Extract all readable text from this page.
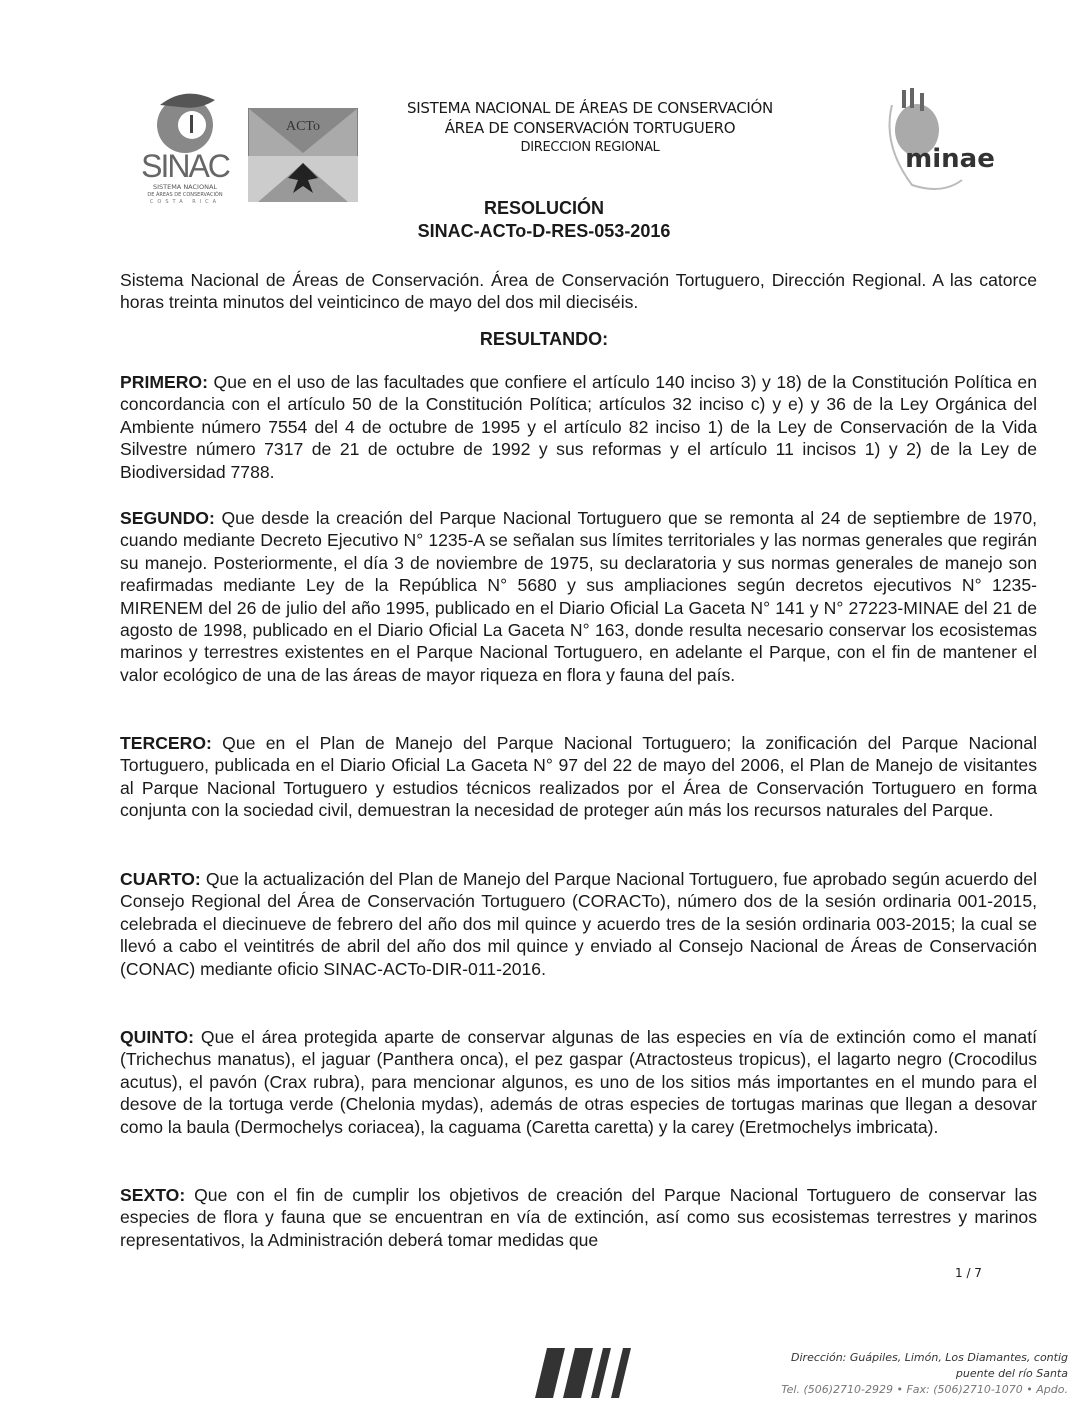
SINAC
SISTEMA NACIONAL
DE ÁREAS DE CONSERVACIÓN
COSTA RICA
ACTo
minae
SISTEMA NACIONAL DE ÁREAS DE CONSERVACIÓN
ÁREA DE CONSERVACIÓN TORTUGUERO
DIRECCION REGIONAL
RESOLUCIÓN
SINAC-ACTo-D-RES-053-2016
Sistema Nacional de Áreas de Conservación. Área de Conservación Tortuguero, Dirección Regional. A las catorce horas treinta minutos del veinticinco de mayo del dos mil dieciséis.
RESULTANDO:
PRIMERO: Que en el uso de las facultades que confiere el artículo 140 inciso 3) y 18) de la Constitución Política en concordancia con el artículo 50 de la Constitución Política; artículos 32 inciso c) y e) y 36 de la Ley Orgánica del Ambiente número 7554 del 4 de octubre de 1995 y el artículo 82 inciso 1) de la Ley de Conservación de la Vida Silvestre número 7317 de 21 de octubre de 1992 y sus reformas y el artículo 11 incisos 1) y 2) de la Ley de Biodiversidad 7788.
SEGUNDO: Que desde la creación del Parque Nacional Tortuguero que se remonta al 24 de septiembre de 1970, cuando mediante Decreto Ejecutivo N° 1235-A se señalan sus límites territoriales y las normas generales que regirán su manejo. Posteriormente, el día 3 de noviembre de 1975, su declaratoria y sus normas generales de manejo son reafirmadas mediante Ley de la República N° 5680 y sus ampliaciones según decretos ejecutivos N° 1235-MIRENEM del 26 de julio del año 1995, publicado en el Diario Oficial La Gaceta N° 141 y N° 27223-MINAE del 21 de agosto de 1998, publicado en el Diario Oficial La Gaceta N° 163, donde resulta necesario conservar los ecosistemas marinos y terrestres existentes en el Parque Nacional Tortuguero, en adelante el Parque, con el fin de mantener el valor ecológico de una de las áreas de mayor riqueza en flora y fauna del país.
TERCERO: Que en el Plan de Manejo del Parque Nacional Tortuguero; la zonificación del Parque Nacional Tortuguero, publicada en el Diario Oficial La Gaceta N° 97 del 22 de mayo del 2006, el Plan de Manejo de visitantes al Parque Nacional Tortuguero y estudios técnicos realizados por el Área de Conservación Tortuguero en forma conjunta con la sociedad civil, demuestran la necesidad de proteger aún más los recursos naturales del Parque.
CUARTO: Que la actualización del Plan de Manejo del Parque Nacional Tortuguero, fue aprobado según acuerdo del Consejo Regional del Área de Conservación Tortuguero (CORACTo), número dos de la sesión ordinaria 001-2015, celebrada el diecinueve de febrero del año dos mil quince y acuerdo tres de la sesión ordinaria 003-2015; la cual se llevó a cabo el veintitrés de abril del año dos mil quince y enviado al Consejo Nacional de Áreas de Conservación (CONAC) mediante oficio SINAC-ACTo-DIR-011-2016.
QUINTO: Que el área protegida aparte de conservar algunas de las especies en vía de extinción como el manatí (Trichechus manatus), el jaguar (Panthera onca), el pez gaspar (Atractosteus tropicus), el lagarto negro (Crocodilus acutus), el pavón (Crax rubra), para mencionar algunos, es uno de los sitios más importantes en el mundo para el desove de la tortuga verde (Chelonia mydas), además de otras especies de tortugas marinas que llegan a desovar como la baula (Dermochelys coriacea), la caguama (Caretta caretta) y la carey (Eretmochelys imbricata).
SEXTO: Que con el fin de cumplir los objetivos de creación del Parque Nacional Tortuguero de conservar las especies de flora y fauna que se encuentran en vía de extinción, así como sus ecosistemas terrestres y marinos representativos, la Administración deberá tomar medidas que
1 / 7
Dirección: Guápiles, Limón, Los Diamantes, contig
puente del río Santa
Tel. (506)2710-2929 • Fax: (506)2710-1070 • Apdo.
